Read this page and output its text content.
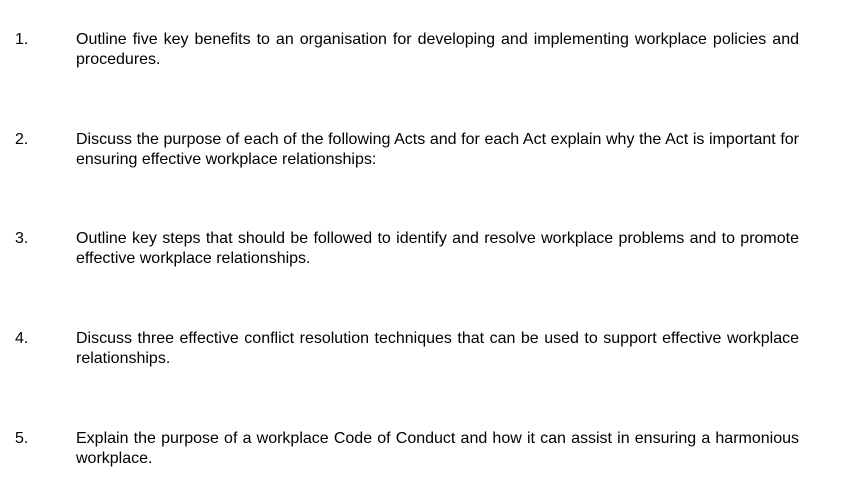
1.	Outline five key benefits to an organisation for developing and implementing workplace policies and procedures.
2.	Discuss the purpose of each of the following Acts and for each Act explain why the Act is important for ensuring effective workplace relationships:
3.	Outline key steps that should be followed to identify and resolve workplace problems and to promote effective workplace relationships.
4.	Discuss three effective conflict resolution techniques that can be used to support effective workplace relationships.
5.	Explain the purpose of a workplace Code of Conduct and how it can assist in ensuring a harmonious workplace.
